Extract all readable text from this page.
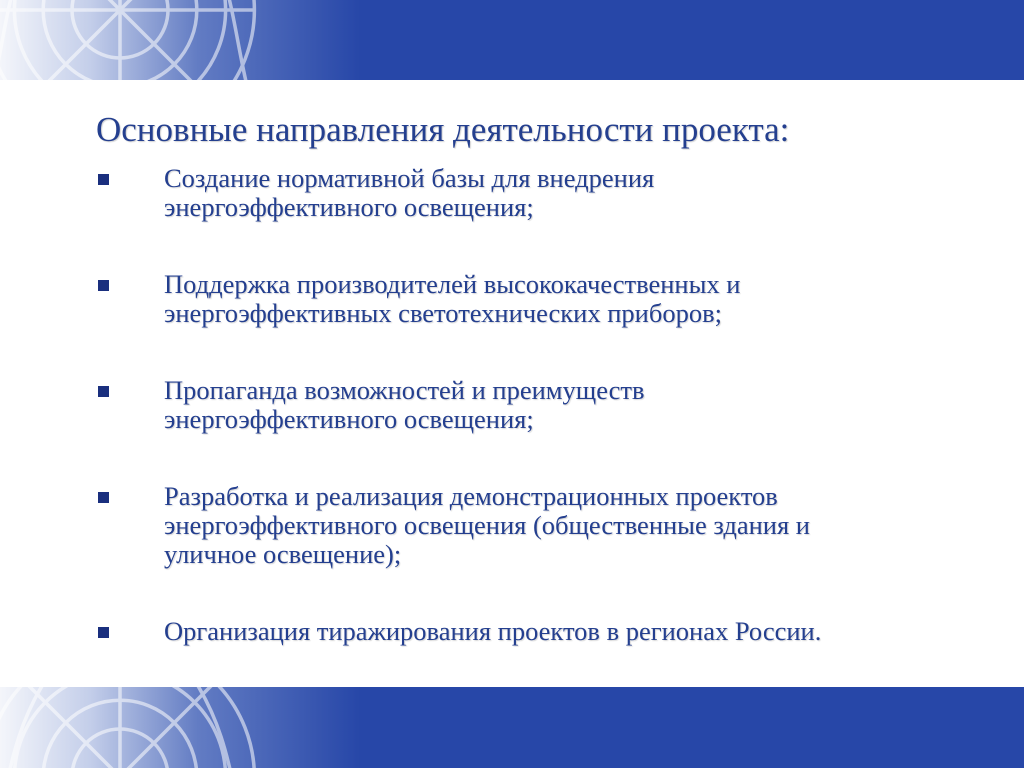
Основные направления деятельности проекта:
Создание нормативной базы для внедрения
энергоэффективного освещения;
Поддержка производителей высококачественных и
энергоэффективных светотехнических приборов;
Пропаганда возможностей и преимуществ
энергоэффективного освещения;
Разработка и реализация демонстрационных проектов
энергоэффективного освещения (общественные здания и
уличное освещение);
Организация тиражирования проектов в регионах России.
